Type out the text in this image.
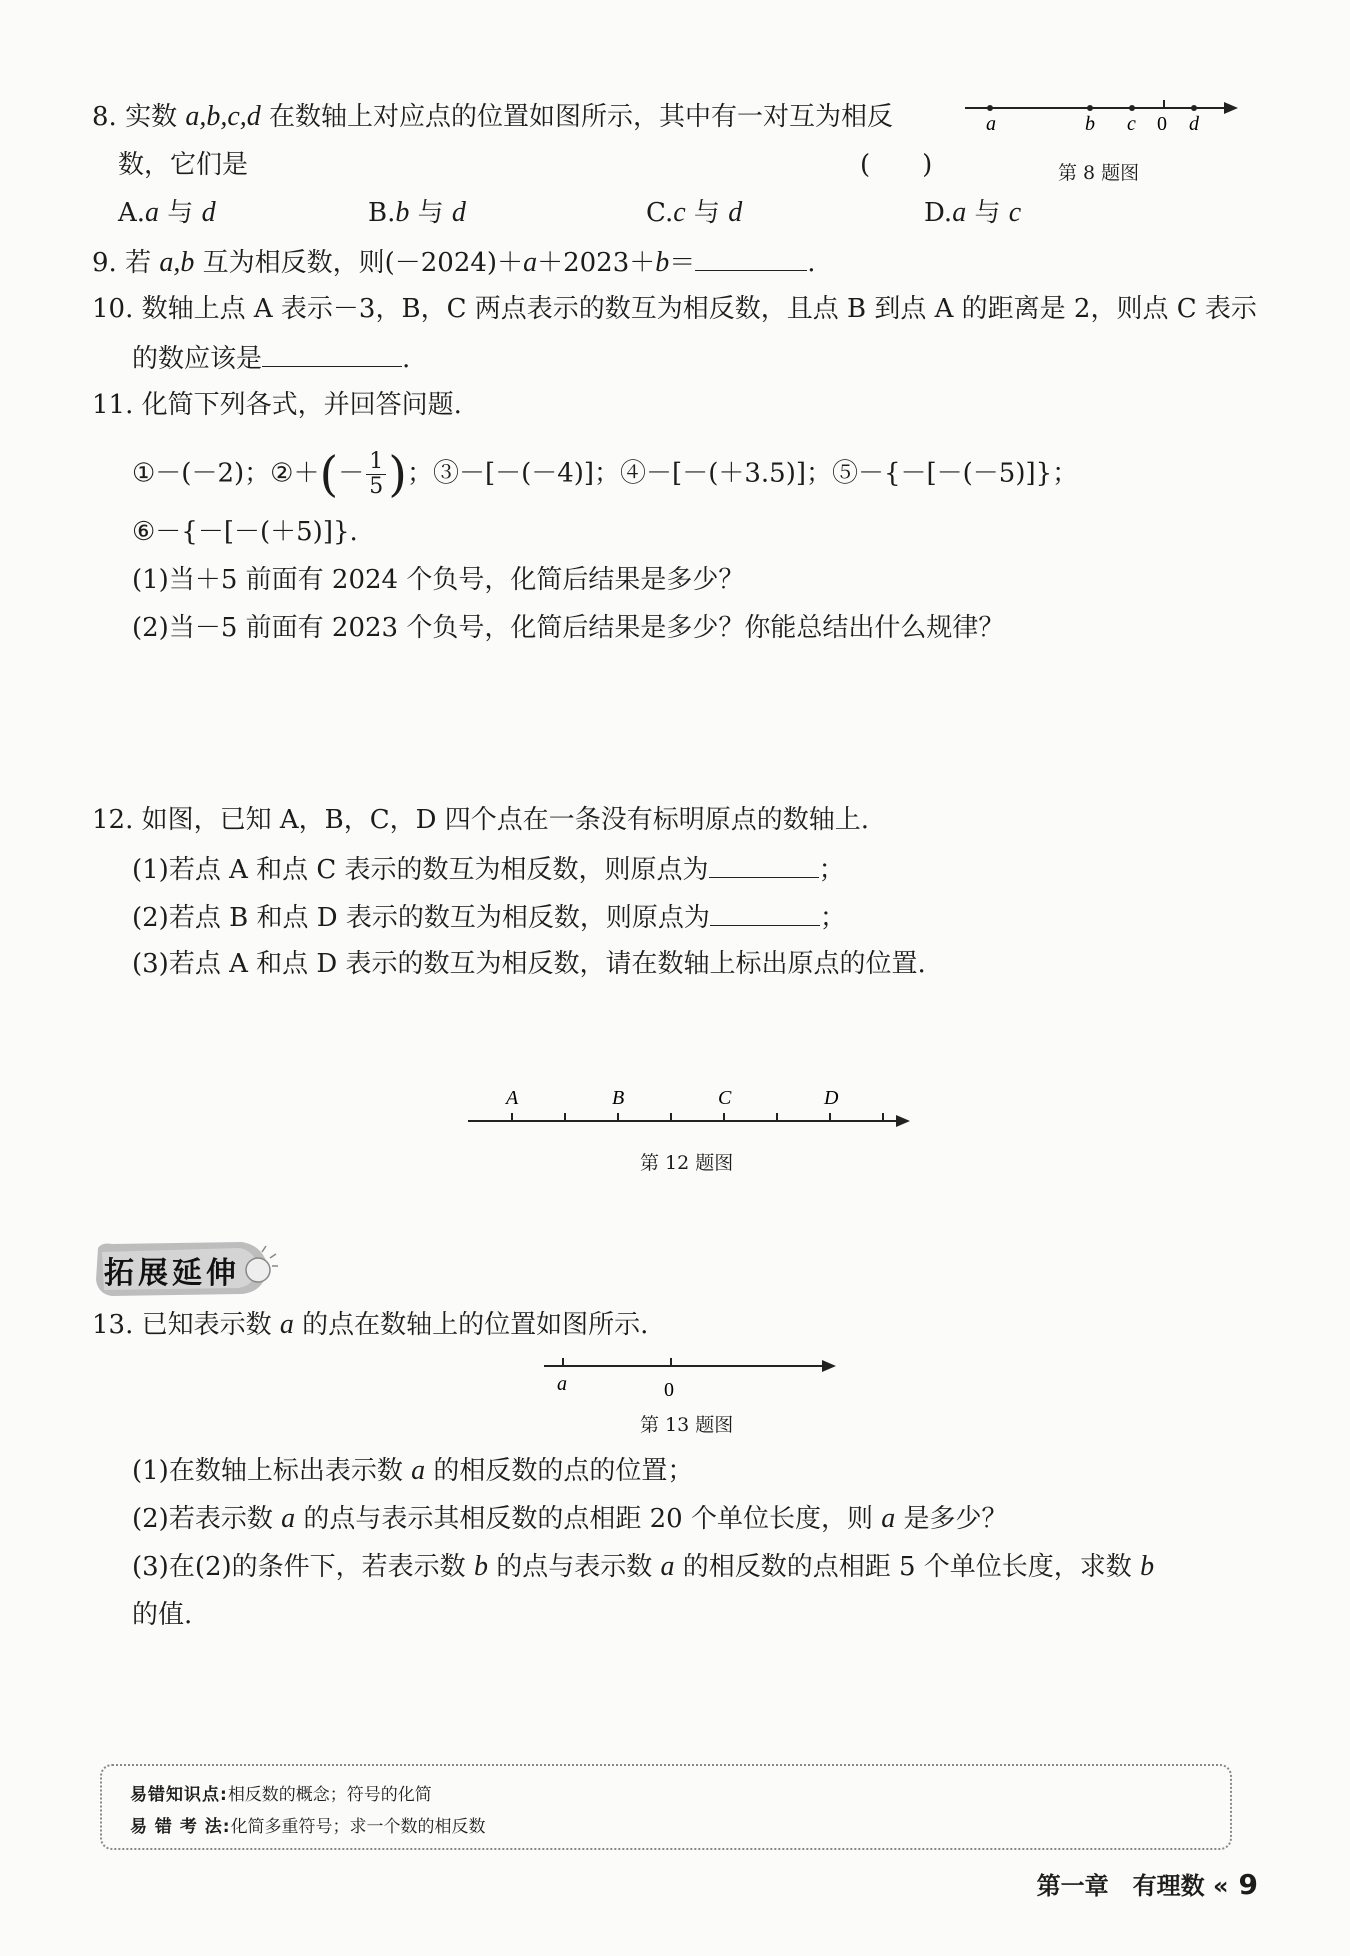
8. 实数 a,b,c,d 在数轴上对应点的位置如图所示，其中有一对互为相反
数，它们是	(　　)
a	b c 0 d
第 8 题图
A.a 与 d	B.b 与 d	C.c 与 d	D.a 与 c
9. 若 a,b 互为相反数，则(－2024)＋a＋2023＋b＝	.
10. 数轴上点 A 表示－3，B，C 两点表示的数互为相反数，且点 B 到点 A 的距离是 2，则点 C 表示
的数应该是	.
11. 化简下列各式，并回答问题.
①－(－2)；②＋(－ $\frac{1}{5}$ )；③－[－(－4)]；④－[－(＋3.5)]；⑤－{－[－(－5)]}；
⑥－{－[－(＋5)]}.
(1)当＋5 前面有 2024 个负号，化简后结果是多少？
(2)当－5 前面有 2023 个负号，化简后结果是多少？你能总结出什么规律？
12. 如图，已知 A，B，C，D 四个点在一条没有标明原点的数轴上.
(1)若点 A 和点 C 表示的数互为相反数，则原点为	；
(2)若点 B 和点 D 表示的数互为相反数，则原点为	；
(3)若点 A 和点 D 表示的数互为相反数，请在数轴上标出原点的位置.
A	B	C	D
第 12 题图
拓展延伸
13. 已知表示数 a 的点在数轴上的位置如图所示.
a	0
第 13 题图
(1)在数轴上标出表示数 a 的相反数的点的位置；
(2)若表示数 a 的点与表示其相反数的点相距 20 个单位长度，则 a 是多少？
(3)在(2)的条件下，若表示数 b 的点与表示数 a 的相反数的点相距 5 个单位长度，求数 b
的值.
易错知识点:相反数的概念；符号的化简
易 错 考 法:化简多重符号；求一个数的相反数
第一章　有理数 « 9
